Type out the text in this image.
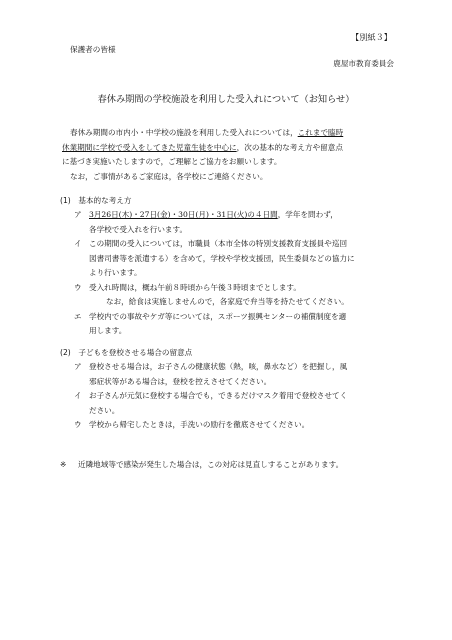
【別紙３】

保護者の皆様

鹿屋市教育委員会

春休み期間の学校施設を利用した受入れについて（お知らせ）
春休み期間の市内小・中学校の施設を利用した受入れについては，これまで臨時
休業期間に学校で受入をしてきた児童生徒を中心に，次の基本的な考え方や留意点
に基づき実施いたしますので，ご理解とご協力をお願いします。
なお，ご事情があるご家庭は，各学校にご連絡ください。

(1)　基本的な考え方

ア 3月26日(木)・27日(金)・30日(月)・31日(火)の４日間，学年を問わず，
各学校で受入れを行います。
イ この期間の受入については，市職員（本市全体の特別支援教育支援員や巡回
図書司書等を派遣する）を含めて，学校や学校支援団，民生委員などの協力に
より行います。
ウ 受入れ時間は，概ね午前８時頃から午後３時頃までとします。
なお，給食は実施しませんので，各家庭で弁当等を持たせてください。
エ 学校内での事故やケガ等については，スポーツ振興センターの補償制度を適
用します。

(2)　子どもを登校させる場合の留意点

ア 登校させる場合は，お子さんの健康状態（熱，咳，鼻水など）を把握し，風
邪症状等がある場合は，登校を控えさせてください。
イ お子さんが元気に登校する場合でも，できるだけマスク着用で登校させてく
ださい。
ウ 学校から帰宅したときは，手洗いの励行を徹底させてください。

※ 近隣地域等で感染が発生した場合は，この対応は見直しすることがあります。
